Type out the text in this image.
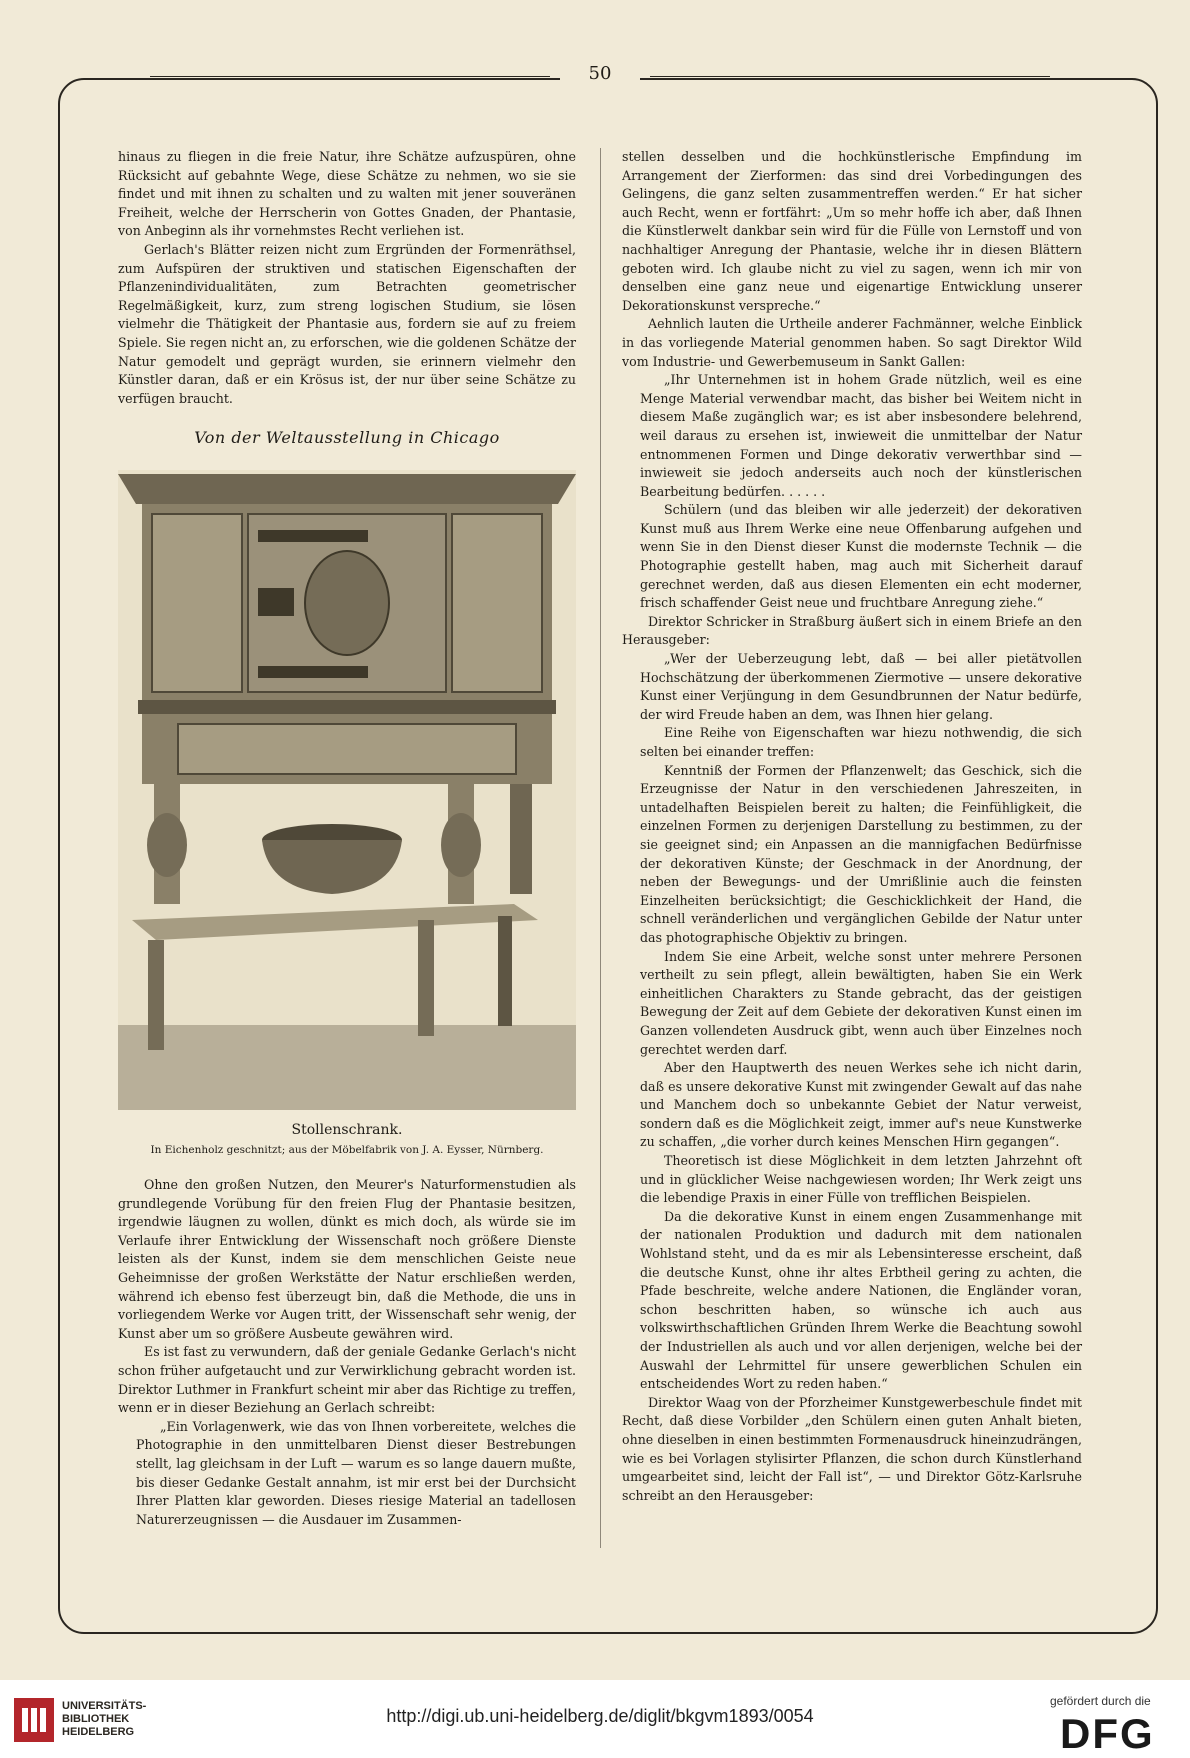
50

hinaus zu fliegen in die freie Natur, ihre Schätze aufzuspüren, ohne Rücksicht auf gebahnte Wege, diese Schätze zu nehmen, wo sie sie findet und mit ihnen zu schalten und zu walten mit jener souveränen Freiheit, welche der Herrscherin von Gottes Gnaden, der Phantasie, von Anbeginn als ihr vornehmstes Recht verliehen ist.

Gerlach's Blätter reizen nicht zum Ergründen der Formenräthsel, zum Aufspüren der struktiven und statischen Eigenschaften der Pflanzenindividualitäten, zum Betrachten geometrischer Regelmäßigkeit, kurz, zum streng logischen Studium, sie lösen vielmehr die Thätigkeit der Phantasie aus, fordern sie auf zu freiem Spiele. Sie regen nicht an, zu erforschen, wie die goldenen Schätze der Natur gemodelt und geprägt wurden, sie erinnern vielmehr den Künstler daran, daß er ein Krösus ist, der nur über seine Schätze zu verfügen braucht.

Von der Weltausstellung in Chicago
Stollenschrank.
In Eichenholz geschnitzt; aus der Möbelfabrik von J. A. Eysser, Nürnberg.

Ohne den großen Nutzen, den Meurer's Naturformenstudien als grundlegende Vorübung für den freien Flug der Phantasie besitzen, irgendwie läugnen zu wollen, dünkt es mich doch, als würde sie im Verlaufe ihrer Entwicklung der Wissenschaft noch größere Dienste leisten als der Kunst, indem sie dem menschlichen Geiste neue Geheimnisse der großen Werkstätte der Natur erschließen werden, während ich ebenso fest überzeugt bin, daß die Methode, die uns in vorliegendem Werke vor Augen tritt, der Wissenschaft sehr wenig, der Kunst aber um so größere Ausbeute gewähren wird.

Es ist fast zu verwundern, daß der geniale Gedanke Gerlach's nicht schon früher aufgetaucht und zur Verwirklichung gebracht worden ist. Direktor Luthmer in Frankfurt scheint mir aber das Richtige zu treffen, wenn er in dieser Beziehung an Gerlach schreibt:

„Ein Vorlagenwerk, wie das von Ihnen vorbereitete, welches die Photographie in den unmittelbaren Dienst dieser Bestrebungen stellt, lag gleichsam in der Luft — warum es so lange dauern mußte, bis dieser Gedanke Gestalt annahm, ist mir erst bei der Durchsicht Ihrer Platten klar geworden. Dieses riesige Material an tadellosen Naturerzeugnissen — die Ausdauer im Zusammen-

stellen desselben und die hochkünstlerische Empfindung im Arrangement der Zierformen: das sind drei Vorbedingungen des Gelingens, die ganz selten zusammentreffen werden.“ Er hat sicher auch Recht, wenn er fortfährt: „Um so mehr hoffe ich aber, daß Ihnen die Künstlerwelt dankbar sein wird für die Fülle von Lernstoff und von nachhaltiger Anregung der Phantasie, welche ihr in diesen Blättern geboten wird. Ich glaube nicht zu viel zu sagen, wenn ich mir von denselben eine ganz neue und eigenartige Entwicklung unserer Dekorationskunst verspreche.“

Aehnlich lauten die Urtheile anderer Fachmänner, welche Einblick in das vorliegende Material genommen haben. So sagt Direktor Wild vom Industrie- und Gewerbemuseum in Sankt Gallen:

„Ihr Unternehmen ist in hohem Grade nützlich, weil es eine Menge Material verwendbar macht, das bisher bei Weitem nicht in diesem Maße zugänglich war; es ist aber insbesondere belehrend, weil daraus zu ersehen ist, inwieweit die unmittelbar der Natur entnommenen Formen und Dinge dekorativ verwerthbar sind — inwieweit sie jedoch anderseits auch noch der künstlerischen Bearbeitung bedürfen. . . . . .

Schülern (und das bleiben wir alle jederzeit) der dekorativen Kunst muß aus Ihrem Werke eine neue Offenbarung aufgehen und wenn Sie in den Dienst dieser Kunst die modernste Technik — die Photographie gestellt haben, mag auch mit Sicherheit darauf gerechnet werden, daß aus diesen Elementen ein echt moderner, frisch schaffender Geist neue und fruchtbare Anregung ziehe.“

Direktor Schricker in Straßburg äußert sich in einem Briefe an den Herausgeber:

„Wer der Ueberzeugung lebt, daß — bei aller pietätvollen Hochschätzung der überkommenen Ziermotive — unsere dekorative Kunst einer Verjüngung in dem Gesundbrunnen der Natur bedürfe, der wird Freude haben an dem, was Ihnen hier gelang.

Eine Reihe von Eigenschaften war hiezu nothwendig, die sich selten bei einander treffen:

Kenntniß der Formen der Pflanzenwelt; das Geschick, sich die Erzeugnisse der Natur in den verschiedenen Jahreszeiten, in untadelhaften Beispielen bereit zu halten; die Feinfühligkeit, die einzelnen Formen zu derjenigen Darstellung zu bestimmen, zu der sie geeignet sind; ein Anpassen an die mannigfachen Bedürfnisse der dekorativen Künste; der Geschmack in der Anordnung, der neben der Bewegungs- und der Umrißlinie auch die feinsten Einzelheiten berücksichtigt; die Geschicklichkeit der Hand, die schnell veränderlichen und vergänglichen Gebilde der Natur unter das photographische Objektiv zu bringen.

Indem Sie eine Arbeit, welche sonst unter mehrere Personen vertheilt zu sein pflegt, allein bewältigten, haben Sie ein Werk einheitlichen Charakters zu Stande gebracht, das der geistigen Bewegung der Zeit auf dem Gebiete der dekorativen Kunst einen im Ganzen vollendeten Ausdruck gibt, wenn auch über Einzelnes noch gerechtet werden darf.

Aber den Hauptwerth des neuen Werkes sehe ich nicht darin, daß es unsere dekorative Kunst mit zwingender Gewalt auf das nahe und Manchem doch so unbekannte Gebiet der Natur verweist, sondern daß es die Möglichkeit zeigt, immer auf's neue Kunstwerke zu schaffen, „die vorher durch keines Menschen Hirn gegangen“.

Theoretisch ist diese Möglichkeit in dem letzten Jahrzehnt oft und in glücklicher Weise nachgewiesen worden; Ihr Werk zeigt uns die lebendige Praxis in einer Fülle von trefflichen Beispielen.

Da die dekorative Kunst in einem engen Zusammenhange mit der nationalen Produktion und dadurch mit dem nationalen Wohlstand steht, und da es mir als Lebensinteresse erscheint, daß die deutsche Kunst, ohne ihr altes Erbtheil gering zu achten, die Pfade beschreite, welche andere Nationen, die Engländer voran, schon beschritten haben, so wünsche ich auch aus volkswirthschaftlichen Gründen Ihrem Werke die Beachtung sowohl der Industriellen als auch und vor allen derjenigen, welche bei der Auswahl der Lehrmittel für unsere gewerblichen Schulen ein entscheidendes Wort zu reden haben.“

Direktor Waag von der Pforzheimer Kunstgewerbeschule findet mit Recht, daß diese Vorbilder „den Schülern einen guten Anhalt bieten, ohne dieselben in einen bestimmten Formenausdruck hineinzudrängen, wie es bei Vorlagen stylisirter Pflanzen, die schon durch Künstlerhand umgearbeitet sind, leicht der Fall ist“, — und Direktor Götz-Karlsruhe schreibt an den Herausgeber:

UNIVERSITÄTS-
BIBLIOTHEK
HEIDELBERG
http://digi.ub.uni-heidelberg.de/diglit/bkgvm1893/0054
gefördert durch die
DFG
